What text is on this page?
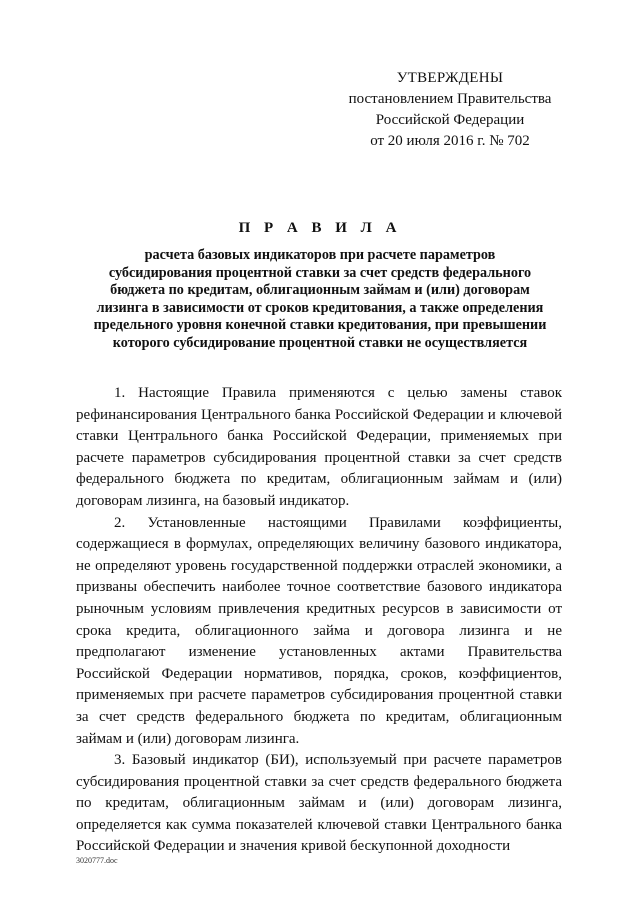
УТВЕРЖДЕНЫ
постановлением Правительства
Российской Федерации
от 20 июля 2016 г. № 702
П Р А В И Л А
расчета базовых индикаторов при расчете параметров
субсидирования процентной ставки за счет средств федерального
бюджета по кредитам, облигационным займам и (или) договорам
лизинга в зависимости от сроков кредитования, а также определения
предельного уровня конечной ставки кредитования, при превышении
которого субсидирование процентной ставки не осуществляется

1. Настоящие Правила применяются с целью замены ставок рефинансирования Центрального банка Российской Федерации и ключевой ставки Центрального банка Российской Федерации, применяемых при расчете параметров субсидирования процентной ставки за счет средств федерального бюджета по кредитам, облигационным займам и (или) договорам лизинга, на базовый индикатор.

2. Установленные настоящими Правилами коэффициенты, содержащиеся в формулах, определяющих величину базового индикатора, не определяют уровень государственной поддержки отраслей экономики, а призваны обеспечить наиболее точное соответствие базового индикатора рыночным условиям привлечения кредитных ресурсов в зависимости от срока кредита, облигационного займа и договора лизинга и не предполагают изменение установленных актами Правительства Российской Федерации нормативов, порядка, сроков, коэффициентов, применяемых при расчете параметров субсидирования процентной ставки за счет средств федерального бюджета по кредитам, облигационным займам и (или) договорам лизинга.

3. Базовый индикатор (БИ), используемый при расчете параметров субсидирования процентной ставки за счет средств федерального бюджета по кредитам, облигационным займам и (или) договорам лизинга, определяется как сумма показателей ключевой ставки Центрального банка Российской Федерации и значения кривой бескупонной доходности

3020777.doc
